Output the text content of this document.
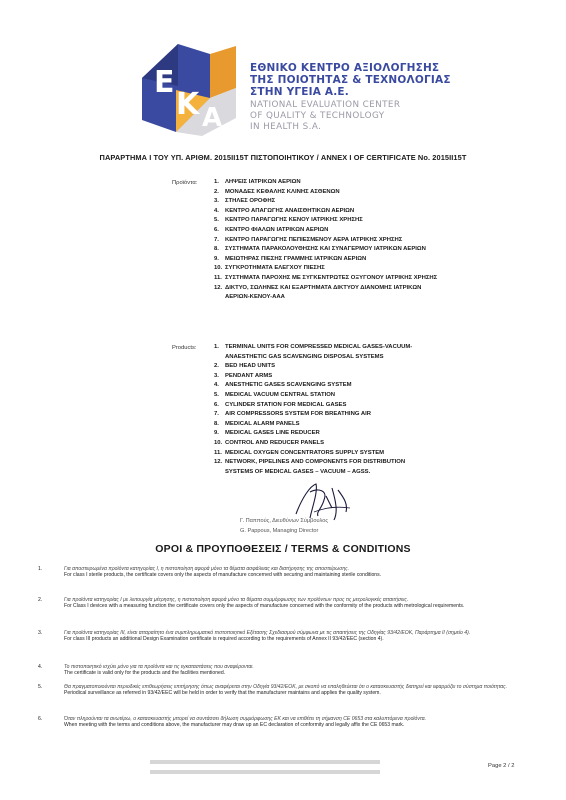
E
K A
ΕΘΝΙΚΟ ΚΕΝΤΡΟ ΑΞΙΟΛΟΓΗΣΗΣ
ΤΗΣ ΠΟΙΟΤΗΤΑΣ & ΤΕΧΝΟΛΟΓΙΑΣ
ΣΤΗΝ ΥΓΕΙΑ Α.Ε.
NATIONAL EVALUATION CENTER
OF QUALITY & TECHNOLOGY
IN HEALTH S.A.
ΠΑΡΑΡΤΗΜΑ Ι ΤΟΥ ΥΠ. ΑΡΙΘΜ. 2015II15T ΠΙΣΤΟΠΟΙΗΤΙΚΟΥ / ANNEX I OF CERTIFICATE No. 2015II15T
Προϊόντα:	1. ΛΗΨΕΙΣ ΙΑΤΡΙΚΩΝ ΑΕΡΙΩΝ
2. ΜΟΝΑΔΕΣ ΚΕΦΑΛΗΣ ΚΛΙΝΗΣ ΑΣΘΕΝΩΝ
3. ΣΤΗΛΕΣ ΟΡΟΦΗΣ
4. ΚΕΝΤΡΟ ΑΠΑΓΩΓΗΣ ΑΝΑΙΣΘΗΤΙΚΩΝ ΑΕΡΙΩΝ
5. ΚΕΝΤΡΟ ΠΑΡΑΓΩΓΗΣ ΚΕΝΟΥ ΙΑΤΡΙΚΗΣ ΧΡΗΣΗΣ
6. ΚΕΝΤΡΟ ΦΙΑΛΩΝ ΙΑΤΡΙΚΩΝ ΑΕΡΙΩΝ
7. ΚΕΝΤΡΟ ΠΑΡΑΓΩΓΗΣ ΠΕΠΙΕΣΜΕΝΟΥ ΑΕΡΑ ΙΑΤΡΙΚΗΣ ΧΡΗΣΗΣ
8. ΣΥΣΤΗΜΑΤΑ ΠΑΡΑΚΟΛΟΥΘΗΣΗΣ ΚΑΙ ΣΥΝΑΓΕΡΜΟΥ ΙΑΤΡΙΚΩΝ ΑΕΡΙΩΝ
9. ΜΕΙΩΤΗΡΑΣ ΠΙΕΣΗΣ ΓΡΑΜΜΗΣ ΙΑΤΡΙΚΩΝ ΑΕΡΙΩΝ
10. ΣΥΓΚΡΟΤΗΜΑΤΑ ΕΛΕΓΧΟΥ ΠΙΕΣΗΣ
11. ΣΥΣΤΗΜΑΤΑ ΠΑΡΟΧΗΣ ΜΕ ΣΥΓΚΕΝΤΡΩΤΕΣ ΟΞΥΓΟΝΟΥ ΙΑΤΡΙΚΗΣ ΧΡΗΣΗΣ
12. ΔΙΚΤΥΟ, ΣΩΛΗΝΕΣ ΚΑΙ ΕΞΑΡΤΗΜΑΤΑ ΔΙΚΤΥΟΥ ΔΙΑΝΟΜΗΣ ΙΑΤΡΙΚΩΝ
ΑΕΡΙΩΝ-ΚΕΝΟΥ-ΑΑΑ
Products:	1. TERMINAL UNITS FOR COMPRESSED MEDICAL GASES-VACUUM-
ANAESTHETIC GAS SCAVENGING DISPOSAL SYSTEMS
2. BED HEAD UNITS
3. PENDANT ARMS
4. ANESTHETIC GASES SCAVENGING SYSTEM
5. MEDICAL VACUUM CENTRAL STATION
6. CYLINDER STATION FOR MEDICAL GASES
7. AIR COMPRESSORS SYSTEM FOR BREATHING AIR
8. MEDICAL ALARM PANELS
9. MEDICAL GASES LINE REDUCER
10. CONTROL AND REDUCER PANELS
11. MEDICAL OXYGEN CONCENTRATORS SUPPLY SYSTEM
12. NETWORK, PIPELINES AND COMPONENTS FOR DISTRIBUTION
SYSTEMS OF MEDICAL GASES – VACUUM – AGSS.
Γ. Παππούς, Διευθύνων Σύμβουλος
G. Pappous, Managing Director
ΟΡΟΙ & ΠΡΟΥΠΟΘΕΣΕΙΣ / TERMS & CONDITIONS
1.	Για αποστειρωμένα προϊόντα κατηγορίας I, η πιστοποίηση αφορά μόνο τα θέματα ασφάλειας και διατήρησης της αποστείρωσης.
For class I sterile products, the certificate covers only the aspects of manufacture concerned with securing and maintaining sterile conditions.
2.	Για προϊόντα κατηγορίας I με λειτουργία μέτρησης, η πιστοποίηση αφορά μόνο τα θέματα συμμόρφωσης των προϊόντων προς τις μετρολογικές απαιτήσεις.
For Class I devices with a measuring function the certificate covers only the aspects of manufacture concerned with the conformity of the products with metrological requirements.
3.	Για προϊόντα κατηγορίας III, είναι απαραίτητο ένα συμπληρωματικό πιστοποιητικό Εξέτασης Σχεδιασμού σύμφωνα με τις απαιτήσεις της Οδηγίας 93/42/ΕΟΚ, Παράρτημα II (σημείο 4).
For class III products an additional Design Examination certificate is required according to the requirements of Annex II 93/42/EEC (section 4).
4.	Το πιστοποιητικό ισχύει μόνο για τα προϊόντα και τις εγκαταστάσεις που αναφέρονται.
The certificate is valid only for the products and the facilities mentioned.
5.	Θα πραγματοποιούνται περιοδικές επιθεωρήσεις επιτήρησης όπως αναφέρεται στην Οδηγία 93/42/ΕΟΚ, με σκοπό να επαληθεύεται ότι ο κατασκευαστής διατηρεί και εφαρμόζει το σύστημα ποιότητας.
Periodical surveillance as referred in 93/42/EEC will be held in order to verify that the manufacturer maintains and applies the quality system.
6.	Όταν πληρούνται τα ανωτέρω, ο κατασκευαστής μπορεί να συντάσσει δήλωση συμμόρφωσης ΕΚ και να επιθέτει τη σήμανση CE 0653 στα καλυπτόμενα προϊόντα.
When meeting with the terms and conditions above, the manufacturer may draw up an EC declaration of conformity and legally affix the CE 0653 mark.
Page 2 / 2
